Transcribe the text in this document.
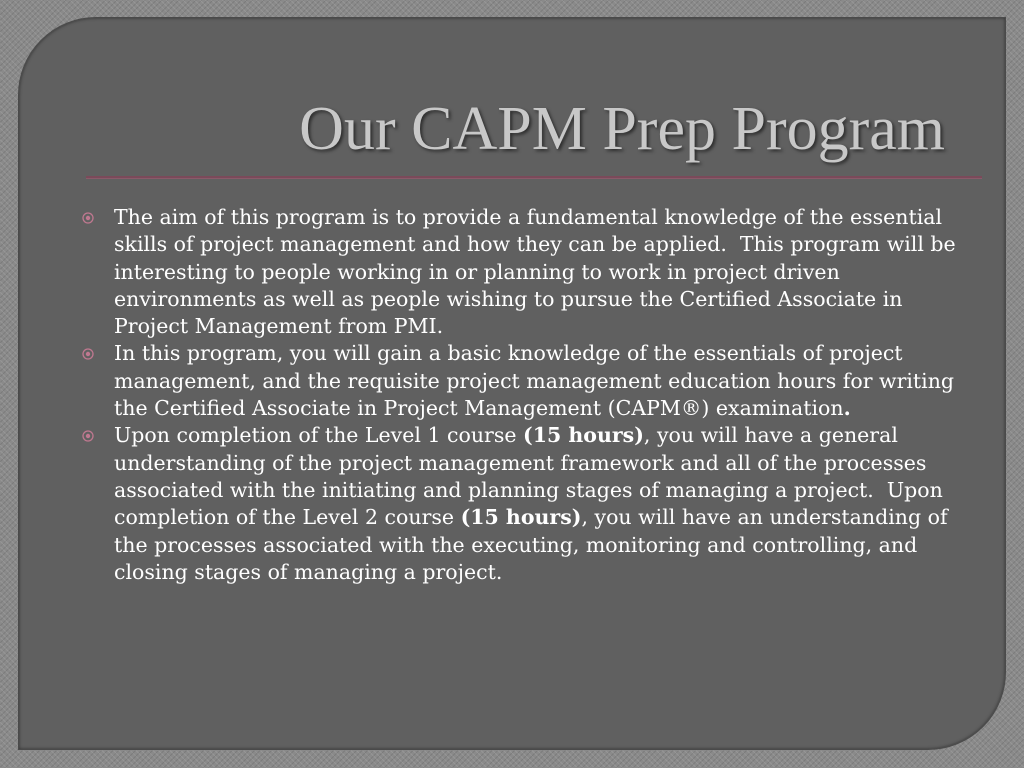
Our CAPM Prep Program
The aim of this program is to provide a fundamental knowledge of the essential skills of project management and how they can be applied.  This program will be interesting to people working in or planning to work in project driven environments as well as people wishing to pursue the Certified Associate in Project Management from PMI.
In this program, you will gain a basic knowledge of the essentials of project management, and the requisite project management education hours for writing the Certified Associate in Project Management (CAPM®) examination.
Upon completion of the Level 1 course (15 hours), you will have a general understanding of the project management framework and all of the processes associated with the initiating and planning stages of managing a project.  Upon completion of the Level 2 course (15 hours), you will have an understanding of the processes associated with the executing, monitoring and controlling, and closing stages of managing a project.
